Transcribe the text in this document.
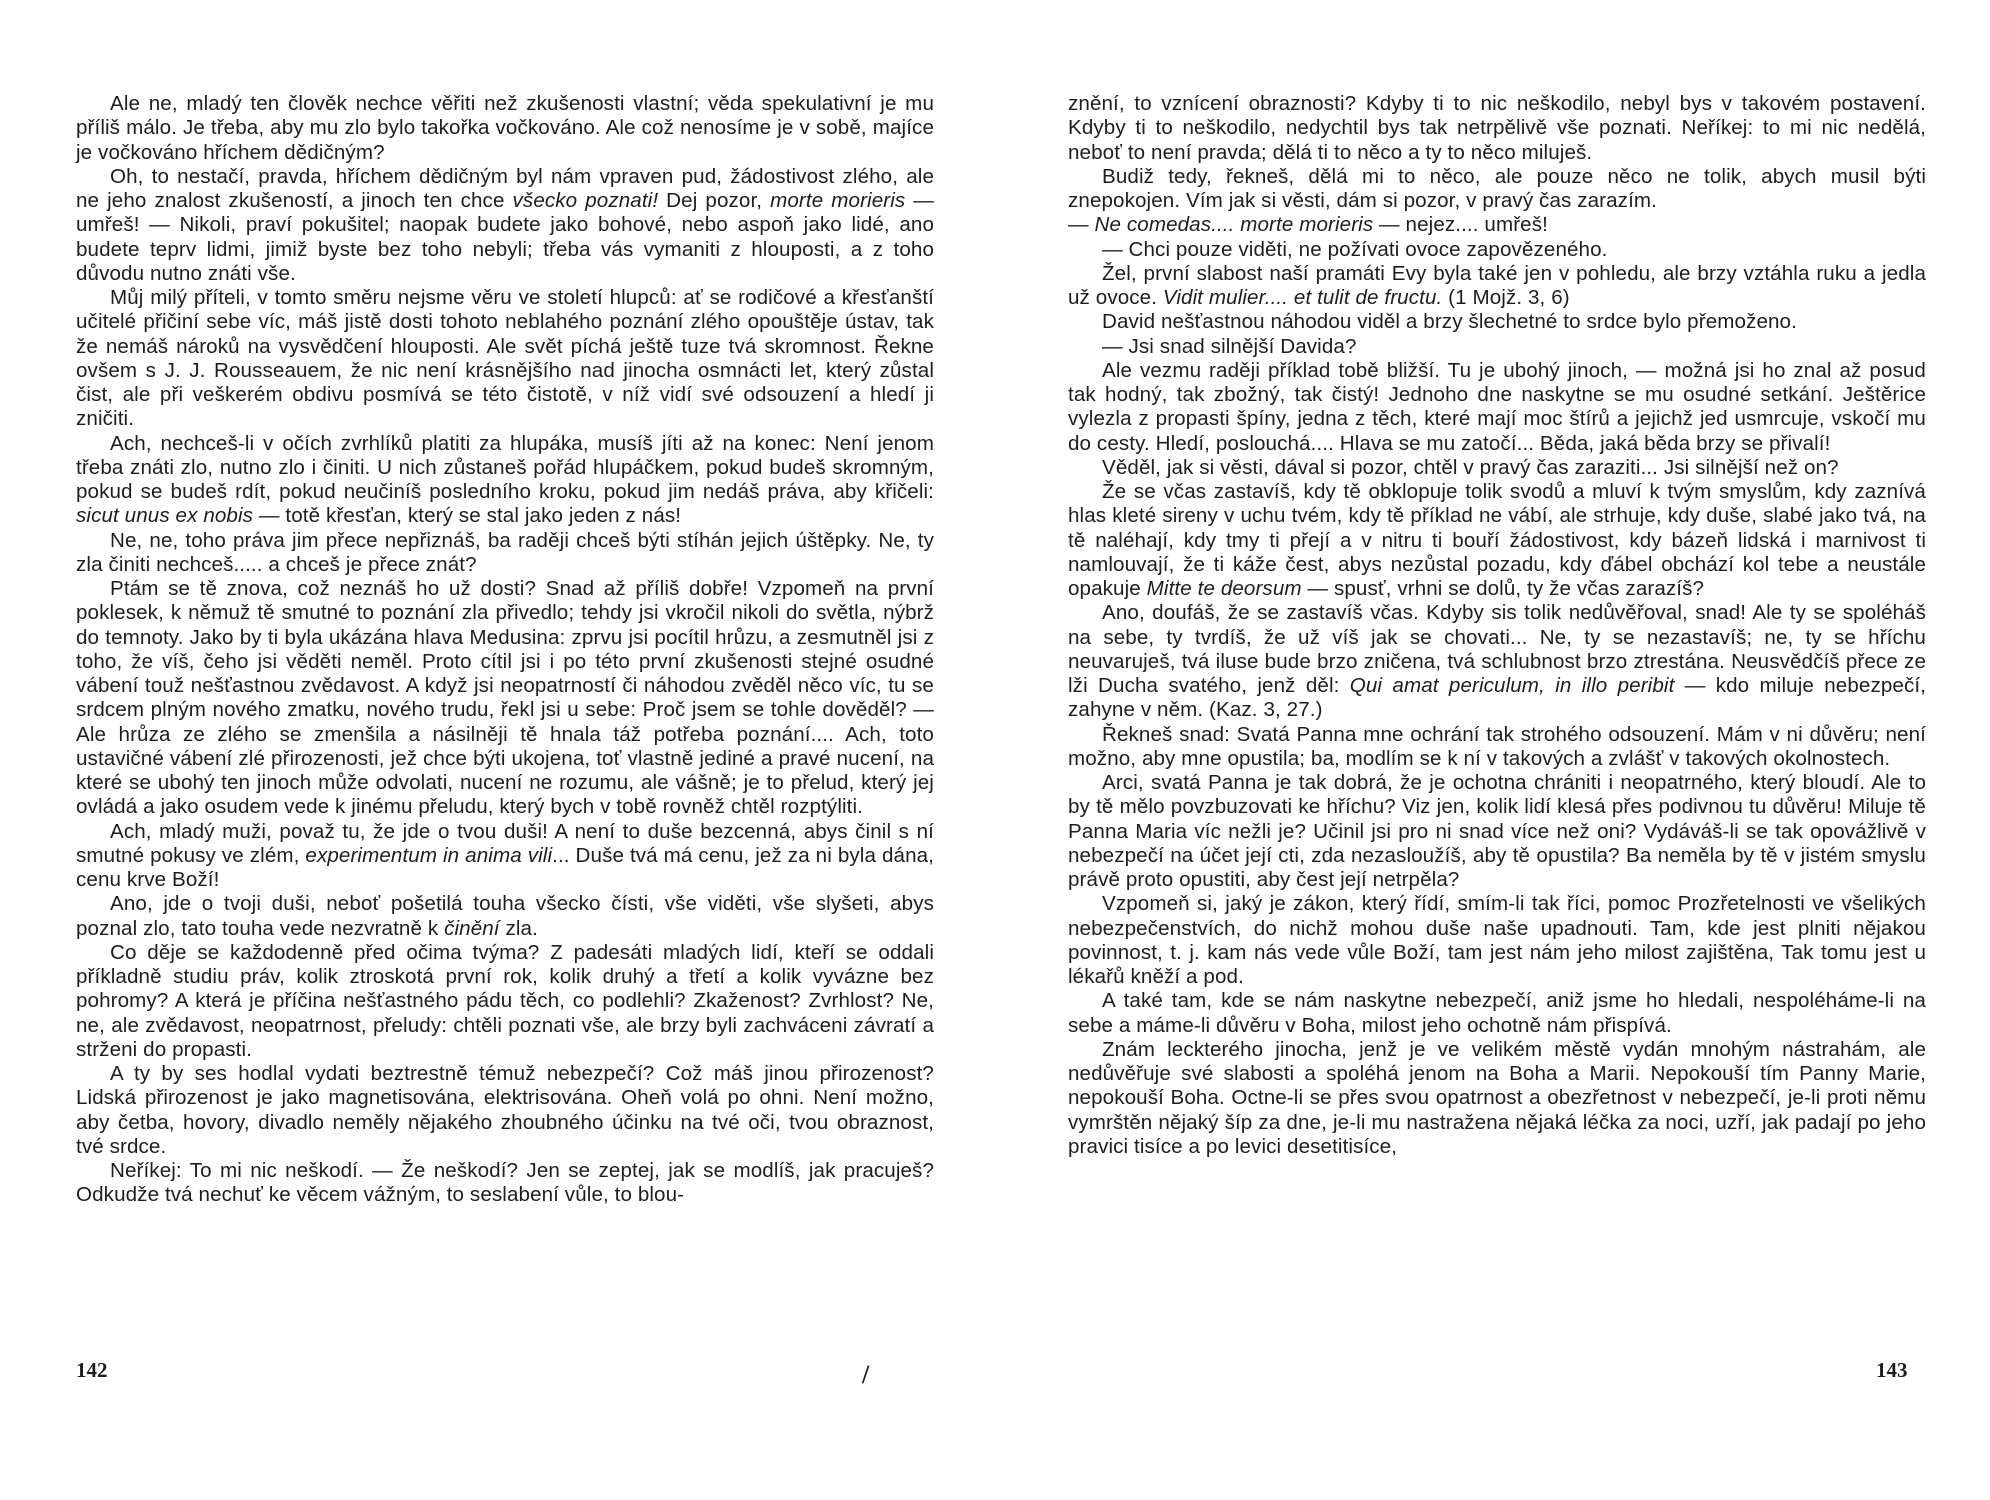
Ale ne, mladý ten člověk nechce věřiti než zkušenosti vlastní; věda spekulativní je mu příliš málo. Je třeba, aby mu zlo bylo takořka vočkováno. Ale což nenosíme je v sobě, majíce je vočkováno hříchem dědičným?

Oh, to nestačí, pravda, hříchem dědičným byl nám vpraven pud, žádostivost zlého, ale ne jeho znalost zkušeností, a jinoch ten chce všecko poznati! Dej pozor, morte morieris — umřeš! — Nikoli, praví pokušitel; naopak budete jako bohové, nebo aspoň jako lidé, ano budete teprv lidmi, jimiž byste bez toho nebyli; třeba vás vymaniti z hlouposti, a z toho důvodu nutno znáti vše.

Můj milý příteli, v tomto směru nejsme věru ve století hlupců: ať se rodičové a křesťanští učitelé přičiní sebe víc, máš jistě dosti tohoto neblahého poznání zlého opouštěje ústav, tak že nemáš nároků na vysvědčení hlouposti. Ale svět píchá ještě tuze tvá skromnost. Řekne ovšem s J. J. Rousseauem, že nic není krásnějšího nad jinocha osmnácti let, který zůstal čist, ale při veškerém obdivu posmívá se této čistotě, v níž vidí své odsouzení a hledí ji zničiti.

Ach, nechceš-li v očích zvrhlíků platiti za hlupáka, musíš jíti až na konec: Není jenom třeba znáti zlo, nutno zlo i činiti. U nich zůstaneš pořád hlupáčkem, pokud budeš skromným, pokud se budeš rdít, pokud neučiníš posledního kroku, pokud jim nedáš práva, aby křičeli: sicut unus ex nobis — totě křesťan, který se stal jako jeden z nás!

Ne, ne, toho práva jim přece nepřiznáš, ba raději chceš býti stíhán jejich úštěpky. Ne, ty zla činiti nechceš..... a chceš je přece znát?

Ptám se tě znova, což neznáš ho už dosti? Snad až příliš dobře! Vzpomeň na první poklesek, k němuž tě smutné to poznání zla přivedlo; tehdy jsi vkročil nikoli do světla, nýbrž do temnoty. Jako by ti byla ukázána hlava Medusina: zprvu jsi pocítil hrůzu, a zesmutněl jsi z toho, že víš, čeho jsi věděti neměl. Proto cítil jsi i po této první zkušenosti stejné osudné vábení touž nešťastnou zvědavost. A když jsi neopatrností či náhodou zvěděl něco víc, tu se srdcem plným nového zmatku, nového trudu, řekl jsi u sebe: Proč jsem se tohle dověděl? — Ale hrůza ze zlého se zmenšila a násilněji tě hnala táž potřeba poznání.... Ach, toto ustavičné vábení zlé přirozenosti, jež chce býti ukojena, toť vlastně jediné a pravé nucení, na které se ubohý ten jinoch může odvolati, nucení ne rozumu, ale vášně; je to přelud, který jej ovládá a jako osudem vede k jinému přeludu, který bych v tobě rovněž chtěl rozptýliti.

Ach, mladý muži, považ tu, že jde o tvou duši! A není to duše bezcenná, abys činil s ní smutné pokusy ve zlém, experimentum in anima vili... Duše tvá má cenu, jež za ni byla dána, cenu krve Boží!

Ano, jde o tvoji duši, neboť pošetilá touha všecko čísti, vše viděti, vše slyšeti, abys poznal zlo, tato touha vede nezvratně k činění zla.

Co děje se každodenně před očima tvýma? Z padesáti mladých lidí, kteří se oddali příkladně studiu práv, kolik ztroskotá první rok, kolik druhý a třetí a kolik vyvázne bez pohromy? A která je příčina nešťastného pádu těch, co podlehli? Zkaženost? Zvrhlost? Ne, ne, ale zvědavost, neopatrnost, přeludy: chtěli poznati vše, ale brzy byli zachváceni závratí a strženi do propasti.

A ty by ses hodlal vydati beztrestně témuž nebezpečí? Což máš jinou přirozenost? Lidská přirozenost je jako magnetisována, elektrisována. Oheň volá po ohni. Není možno, aby četba, hovory, divadlo neměly nějakého zhoubného účinku na tvé oči, tvou obraznost, tvé srdce.

Neříkej: To mi nic neškodí. — Že neškodí? Jen se zeptej, jak se modlíš, jak pracuješ? Odkudže tvá nechuť ke věcem vážným, to seslabení vůle, to blou-

znění, to vznícení obraznosti? Kdyby ti to nic neškodilo, nebyl bys v takovém postavení. Kdyby ti to neškodilo, nedychtil bys tak netrpělivě vše poznati. Neříkej: to mi nic nedělá, neboť to není pravda; dělá ti to něco a ty to něco miluješ.

Budiž tedy, řekneš, dělá mi to něco, ale pouze něco ne tolik, abych musil býti znepokojen. Vím jak si věsti, dám si pozor, v pravý čas zarazím.

— Ne comedas.... morte morieris — nejez.... umřeš!

— Chci pouze viděti, ne požívati ovoce zapovězeného.

Žel, první slabost naší pramáti Evy byla také jen v pohledu, ale brzy vztáhla ruku a jedla už ovoce. Vidit mulier.... et tulit de fructu. (1 Mojž. 3, 6)

David nešťastnou náhodou viděl a brzy šlechetné to srdce bylo přemoženo.

— Jsi snad silnější Davida?

Ale vezmu raději příklad tobě bližší. Tu je ubohý jinoch, — možná jsi ho znal až posud tak hodný, tak zbožný, tak čistý! Jednoho dne naskytne se mu osudné setkání. Ještěrice vylezla z propasti špíny, jedna z těch, které mají moc štírů a jejichž jed usmrcuje, vskočí mu do cesty. Hledí, poslouchá.... Hlava se mu zatočí... Běda, jaká běda brzy se přivalí!

Věděl, jak si věsti, dával si pozor, chtěl v pravý čas zaraziti... Jsi silnější než on?

Že se včas zastavíš, kdy tě obklopuje tolik svodů a mluví k tvým smyslům, kdy zaznívá hlas kleté sireny v uchu tvém, kdy tě příklad ne vábí, ale strhuje, kdy duše, slabé jako tvá, na tě naléhají, kdy tmy ti přejí a v nitru ti bouří žádostivost, kdy bázeň lidská i marnivost ti namlouvají, že ti káže čest, abys nezůstal pozadu, kdy ďábel obchází kol tebe a neustále opakuje Mitte te deorsum — spusť, vrhni se dolů, ty že včas zarazíš?

Ano, doufáš, že se zastavíš včas. Kdyby sis tolik nedůvěřoval, snad! Ale ty se spoléháš na sebe, ty tvrdíš, že už víš jak se chovati... Ne, ty se nezastavíš; ne, ty se hříchu neuvaruješ, tvá iluse bude brzo zničena, tvá schlubnost brzo ztrestána. Neusvědčíš přece ze lži Ducha svatého, jenž děl: Qui amat periculum, in illo peribit — kdo miluje nebezpečí, zahyne v něm. (Kaz. 3, 27.)

Řekneš snad: Svatá Panna mne ochrání tak strohého odsouzení. Mám v ni důvěru; není možno, aby mne opustila; ba, modlím se k ní v takových a zvlášť v takových okolnostech.

Arci, svatá Panna je tak dobrá, že je ochotna chrániti i neopatrného, který bloudí. Ale to by tě mělo povzbuzovati ke hříchu? Viz jen, kolik lidí klesá přes podivnou tu důvěru! Miluje tě Panna Maria víc nežli je? Učinil jsi pro ni snad více než oni? Vydáváš-li se tak opovážlivě v nebezpečí na účet její cti, zda nezasloužíš, aby tě opustila? Ba neměla by tě v jistém smyslu právě proto opustiti, aby čest její netrpěla?

Vzpomeň si, jaký je zákon, který řídí, smím-li tak říci, pomoc Prozřetelnosti ve všelikých nebezpečenstvích, do nichž mohou duše naše upadnouti. Tam, kde jest plniti nějakou povinnost, t. j. kam nás vede vůle Boží, tam jest nám jeho milost zajištěna, Tak tomu jest u lékařů kněží a pod.

A také tam, kde se nám naskytne nebezpečí, aniž jsme ho hledali, nespoléháme-li na sebe a máme-li důvěru v Boha, milost jeho ochotně nám přispívá.

Znám leckterého jinocha, jenž je ve velikém městě vydán mnohým nástrahám, ale nedůvěřuje své slabosti a spoléhá jenom na Boha a Marii. Nepokouší tím Panny Marie, nepokouší Boha. Octne-li se přes svou opatrnost a obezřetnost v nebezpečí, je-li proti němu vymrštěn nějaký šíp za dne, je-li mu nastražena nějaká léčka za noci, uzří, jak padají po jeho pravici tisíce a po levici desetitisíce,

142	143
/
